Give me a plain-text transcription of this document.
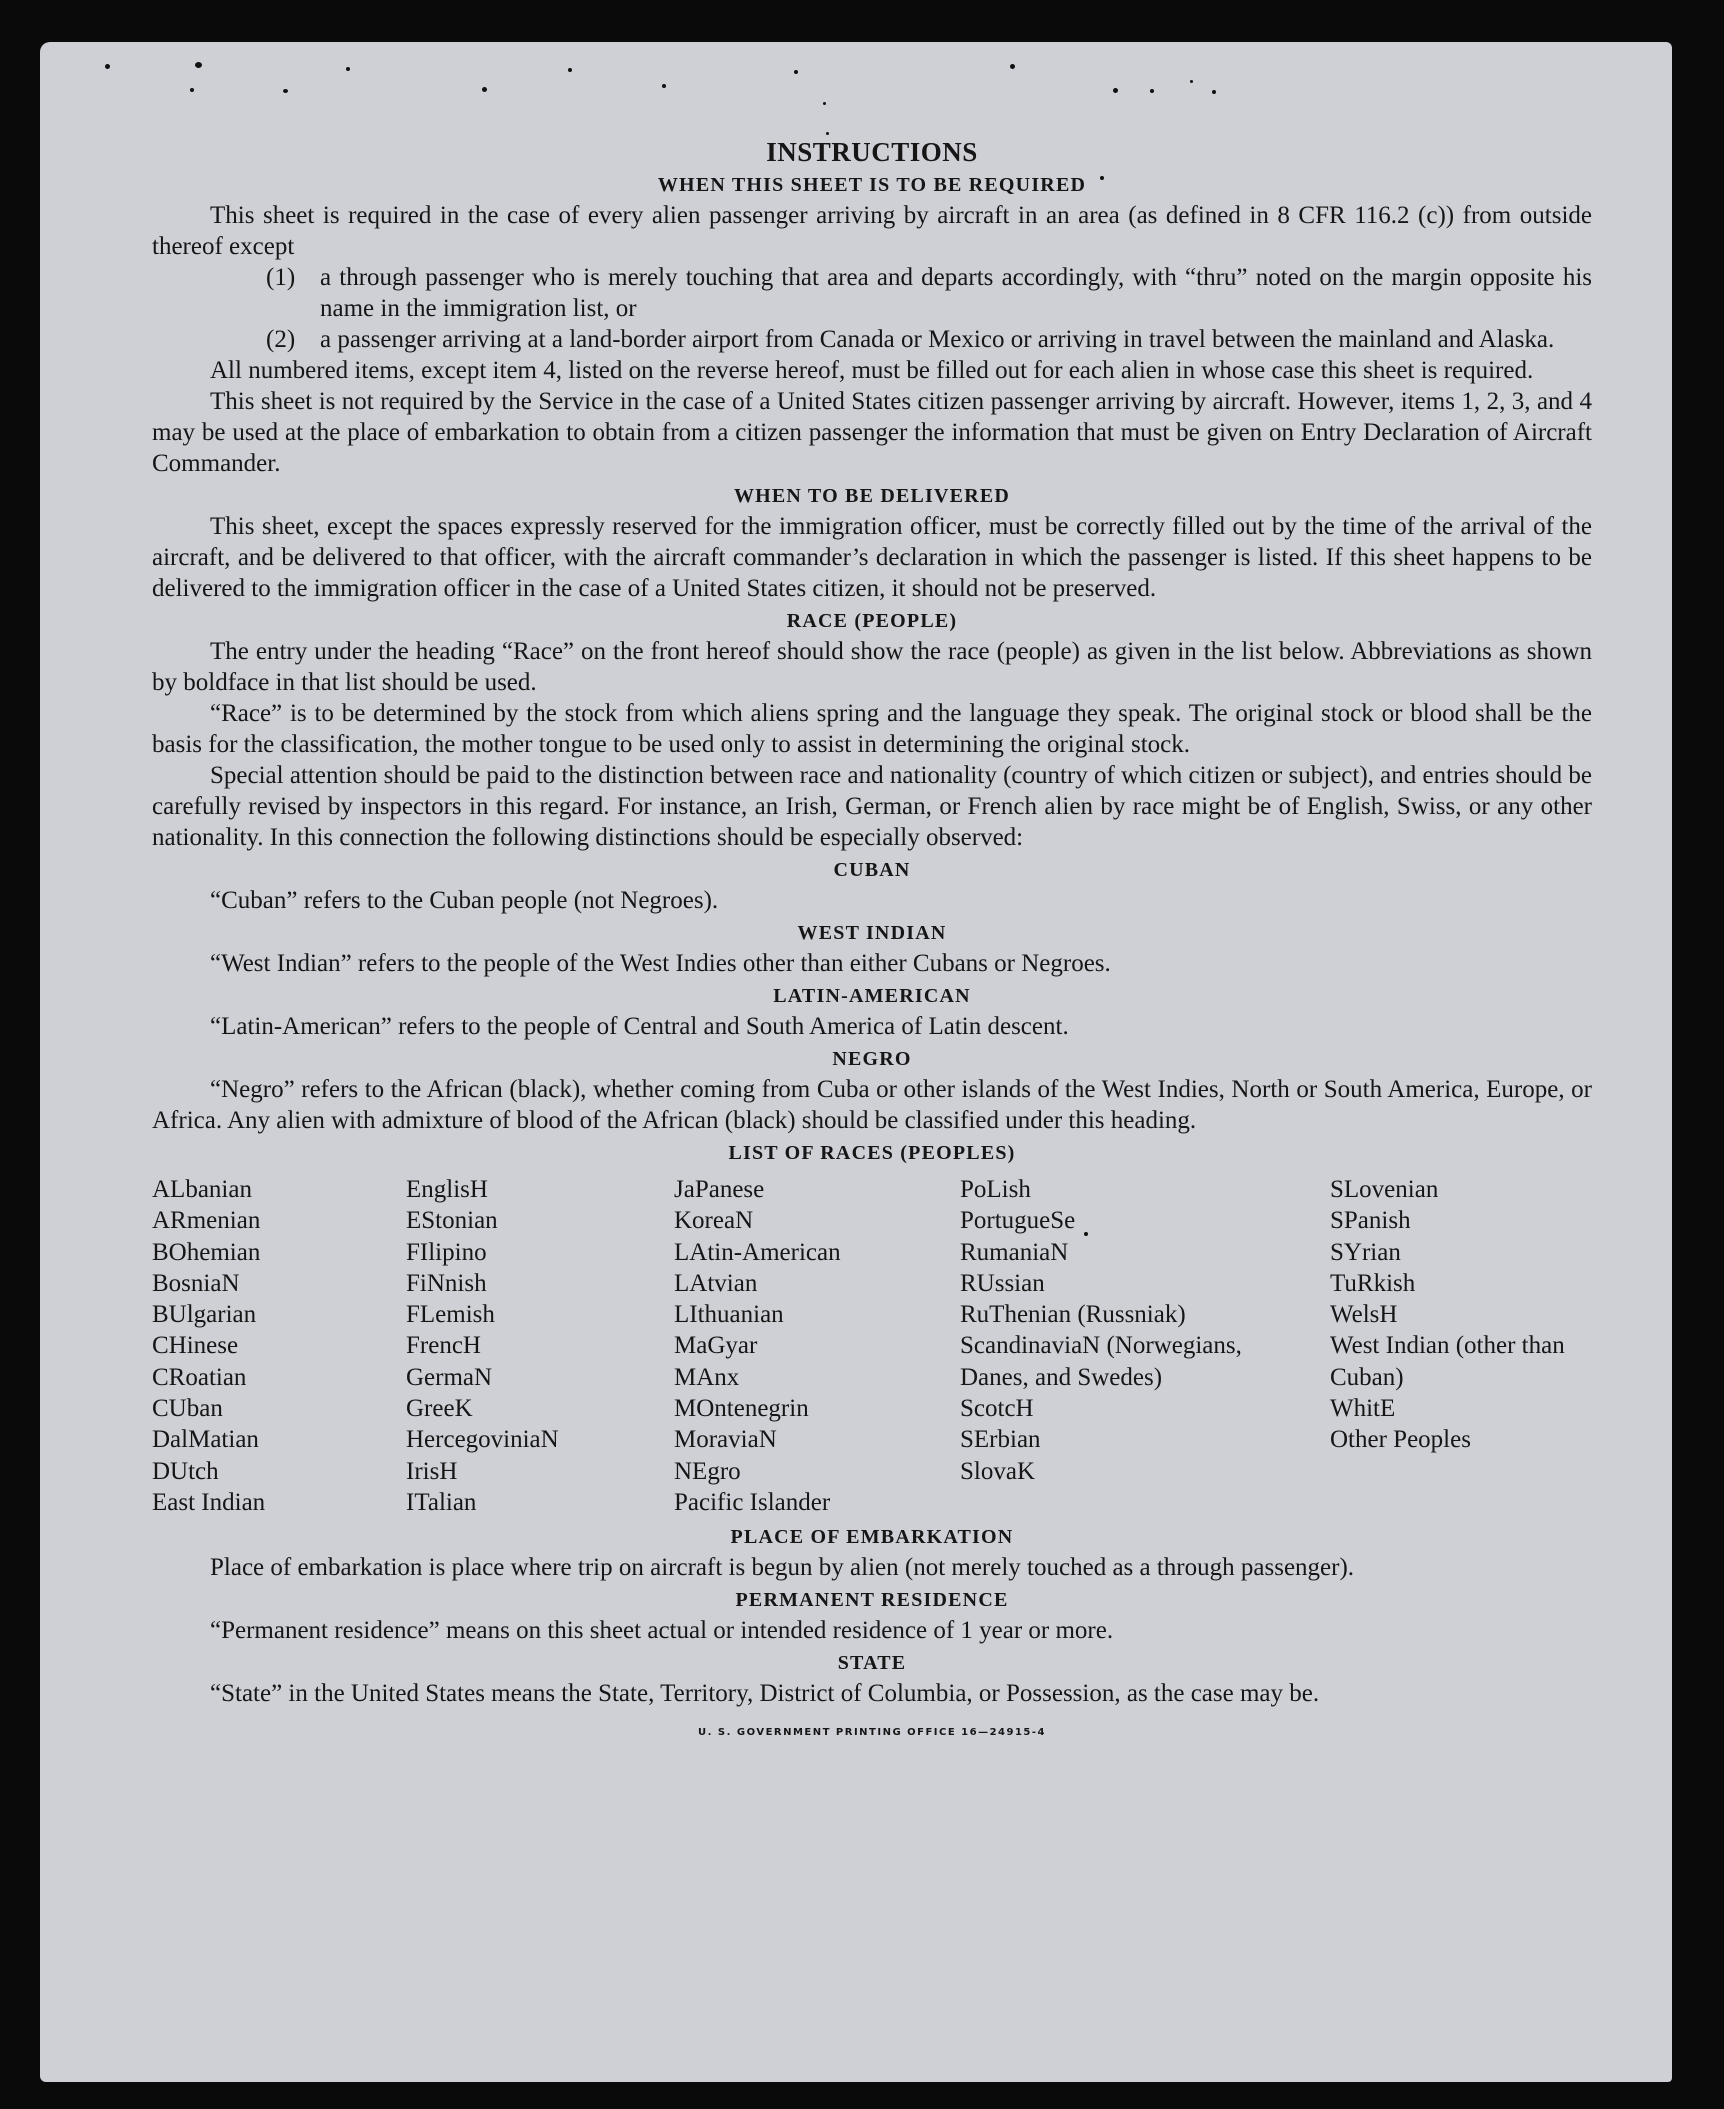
INSTRUCTIONS
WHEN THIS SHEET IS TO BE REQUIRED

This sheet is required in the case of every alien passenger arriving by aircraft in an area (as defined in 8 CFR 116.2 (c)) from outside thereof except

(1) a through passenger who is merely touching that area and departs accordingly, with “thru” noted on the margin opposite his name in the immigration list, or
(2) a passenger arriving at a land-border airport from Canada or Mexico or arriving in travel between the mainland and Alaska.

All numbered items, except item 4, listed on the reverse hereof, must be filled out for each alien in whose case this sheet is required.

This sheet is not required by the Service in the case of a United States citizen passenger arriving by aircraft. However, items 1, 2, 3, and 4 may be used at the place of embarkation to obtain from a citizen passenger the information that must be given on Entry Declaration of Aircraft Commander.

WHEN TO BE DELIVERED

This sheet, except the spaces expressly reserved for the immigration officer, must be correctly filled out by the time of the arrival of the aircraft, and be delivered to that officer, with the aircraft commander’s declaration in which the passenger is listed. If this sheet happens to be delivered to the immigration officer in the case of a United States citizen, it should not be preserved.

RACE (PEOPLE)

The entry under the heading “Race” on the front hereof should show the race (people) as given in the list below. Abbreviations as shown by boldface in that list should be used.

“Race” is to be determined by the stock from which aliens spring and the language they speak. The original stock or blood shall be the basis for the classification, the mother tongue to be used only to assist in determining the original stock.

Special attention should be paid to the distinction between race and nationality (country of which citizen or subject), and entries should be carefully revised by inspectors in this regard. For instance, an Irish, German, or French alien by race might be of English, Swiss, or any other nationality. In this connection the following distinctions should be especially observed:

CUBAN
“Cuban” refers to the Cuban people (not Negroes).
WEST INDIAN
“West Indian” refers to the people of the West Indies other than either Cubans or Negroes.
LATIN-AMERICAN
“Latin-American” refers to the people of Central and South America of Latin descent.
NEGRO

“Negro” refers to the African (black), whether coming from Cuba or other islands of the West Indies, North or South America, Europe, or Africa. Any alien with admixture of blood of the African (black) should be classified under this heading.

LIST OF RACES (PEOPLES)
ALbanian
ARmenian
BOhemian
BosniaN
BUlgarian
CHinese
CRoatian
CUban
DalMatian
DUtch
East Indian
EnglisH
EStonian
FIlipino
FiNnish
FLemish
FrencH
GermaN
GreeK
HercegoviniaN
IrisH
ITalian
JaPanese
KoreaN
LAtin-American
LAtvian
LIthuanian
MaGyar
MAnx
MOntenegrin
MoraviaN
NEgro
Pacific Islander
PoLish
PortugueSe
RumaniaN
RUssian
RuThenian (Russniak)
ScandinaviaN (Norwegians, Danes, and Swedes)
ScotcH
SErbian
SlovaK
SLovenian
SPanish
SYrian
TuRkish
WelsH
West Indian (other than Cuban)
WhitE
Other Peoples
PLACE OF EMBARKATION

Place of embarkation is place where trip on aircraft is begun by alien (not merely touched as a through passenger).

PERMANENT RESIDENCE
“Permanent residence” means on this sheet actual or intended residence of 1 year or more.
STATE

“State” in the United States means the State, Territory, District of Columbia, or Possession, as the case may be.

U. S. GOVERNMENT PRINTING OFFICE 16—24915-4
